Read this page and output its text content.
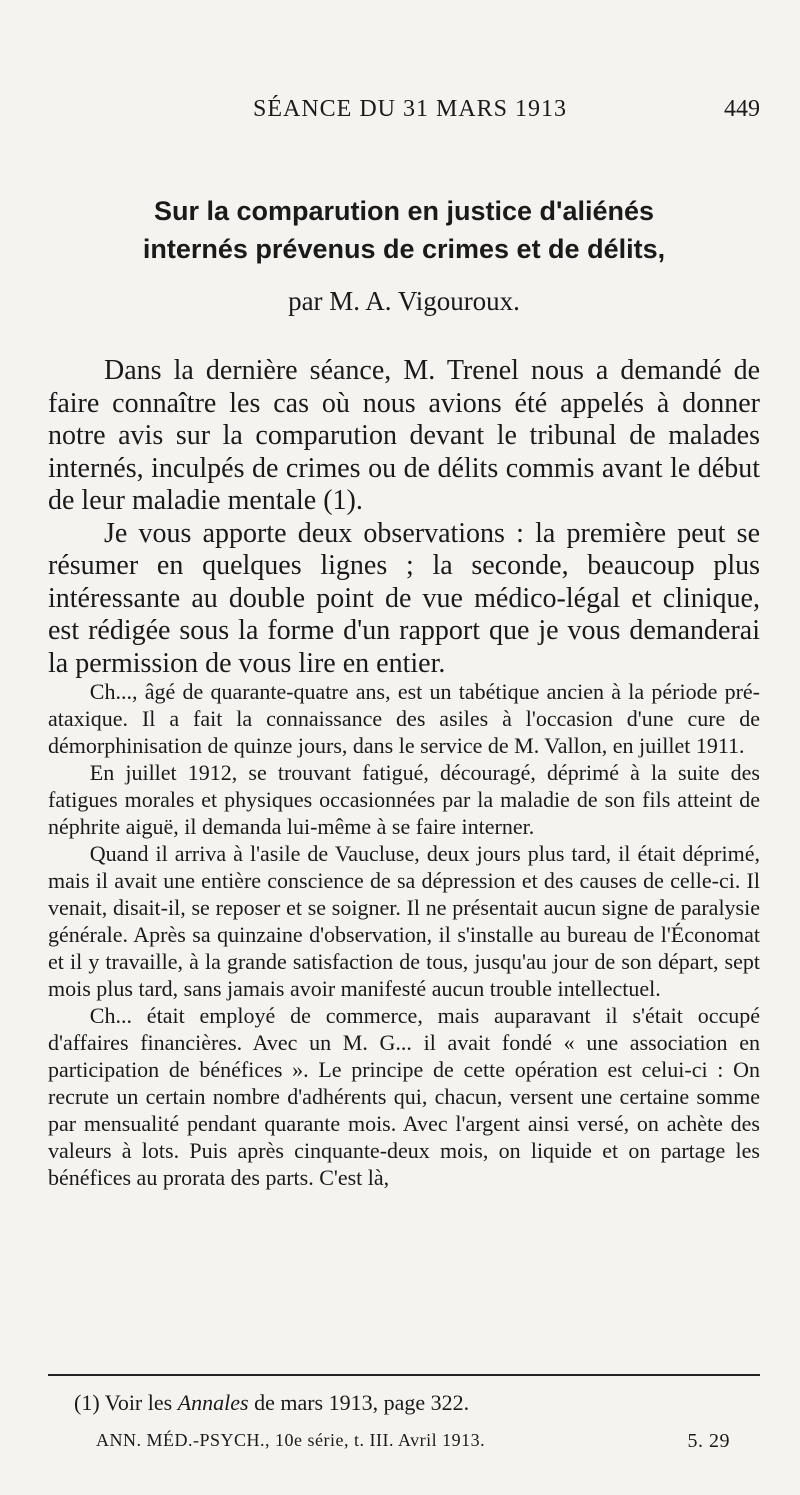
SÉANCE DU 31 MARS 1913	449
Sur la comparution en justice d'aliénés
internés prévenus de crimes et de délits,
par M. A. Vigouroux.

Dans la dernière séance, M. Trenel nous a demandé de faire connaître les cas où nous avions été appelés à donner notre avis sur la comparution devant le tribunal de malades internés, inculpés de crimes ou de délits commis avant le début de leur maladie mentale (1).

Je vous apporte deux observations : la première peut se résumer en quelques lignes ; la seconde, beaucoup plus intéressante au double point de vue médico-légal et clinique, est rédigée sous la forme d'un rapport que je vous demanderai la permission de vous lire en entier.

Ch..., âgé de quarante-quatre ans, est un tabétique ancien à la période pré-ataxique. Il a fait la connaissance des asiles à l'occasion d'une cure de démorphinisation de quinze jours, dans le service de M. Vallon, en juillet 1911.

En juillet 1912, se trouvant fatigué, découragé, déprimé à la suite des fatigues morales et physiques occasionnées par la maladie de son fils atteint de néphrite aiguë, il demanda lui-même à se faire interner.

Quand il arriva à l'asile de Vaucluse, deux jours plus tard, il était déprimé, mais il avait une entière conscience de sa dépression et des causes de celle-ci. Il venait, disait-il, se reposer et se soigner. Il ne présentait aucun signe de paralysie générale. Après sa quinzaine d'observation, il s'installe au bureau de l'Économat et il y travaille, à la grande satisfaction de tous, jusqu'au jour de son départ, sept mois plus tard, sans jamais avoir manifesté aucun trouble intellectuel.

Ch... était employé de commerce, mais auparavant il s'était occupé d'affaires financières. Avec un M. G... il avait fondé « une association en participation de bénéfices ». Le principe de cette opération est celui-ci : On recrute un certain nombre d'adhérents qui, chacun, versent une certaine somme par mensualité pendant quarante mois. Avec l'argent ainsi versé, on achète des valeurs à lots. Puis après cinquante-deux mois, on liquide et on partage les bénéfices au prorata des parts. C'est là,

(1) Voir les Annales de mars 1913, page 322.
ANN. MÉD.-PSYCH., 10e série, t. III. Avril 1913.	5. 29
